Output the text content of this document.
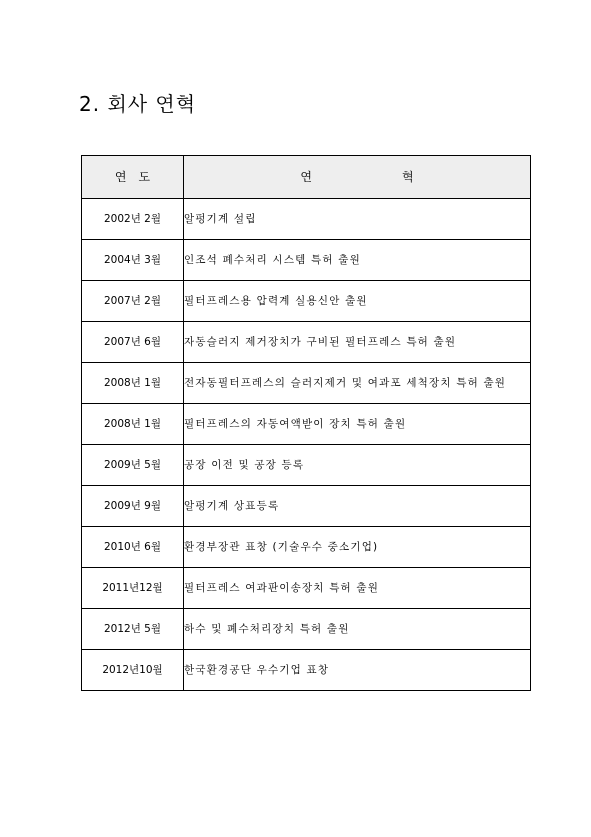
2. 회사 연혁
연도	연혁
2002년 2월	알펑기계 설립
2004년 3월	인조석 폐수처리 시스템 특허 출원
2007년 2월	필터프레스용 압력계 실용신안 출원
2007년 6월	자동슬러지 제거장치가 구비된 필터프레스 특허 출원
2008년 1월	전자동필터프레스의 슬러지제거 및 여과포 세척장치 특허 출원
2008년 1월	필터프레스의 자동여액받이 장치 특허 출원
2009년 5월	공장 이전 및 공장 등록
2009년 9월	알펑기계 상표등록
2010년 6월	환경부장관 표창 (기술우수 중소기업)
2011년12월	필터프레스 여과판이송장치 특허 출원
2012년 5월	하수 및 폐수처리장치 특허 출원
2012년10월	한국환경공단 우수기업 표창
